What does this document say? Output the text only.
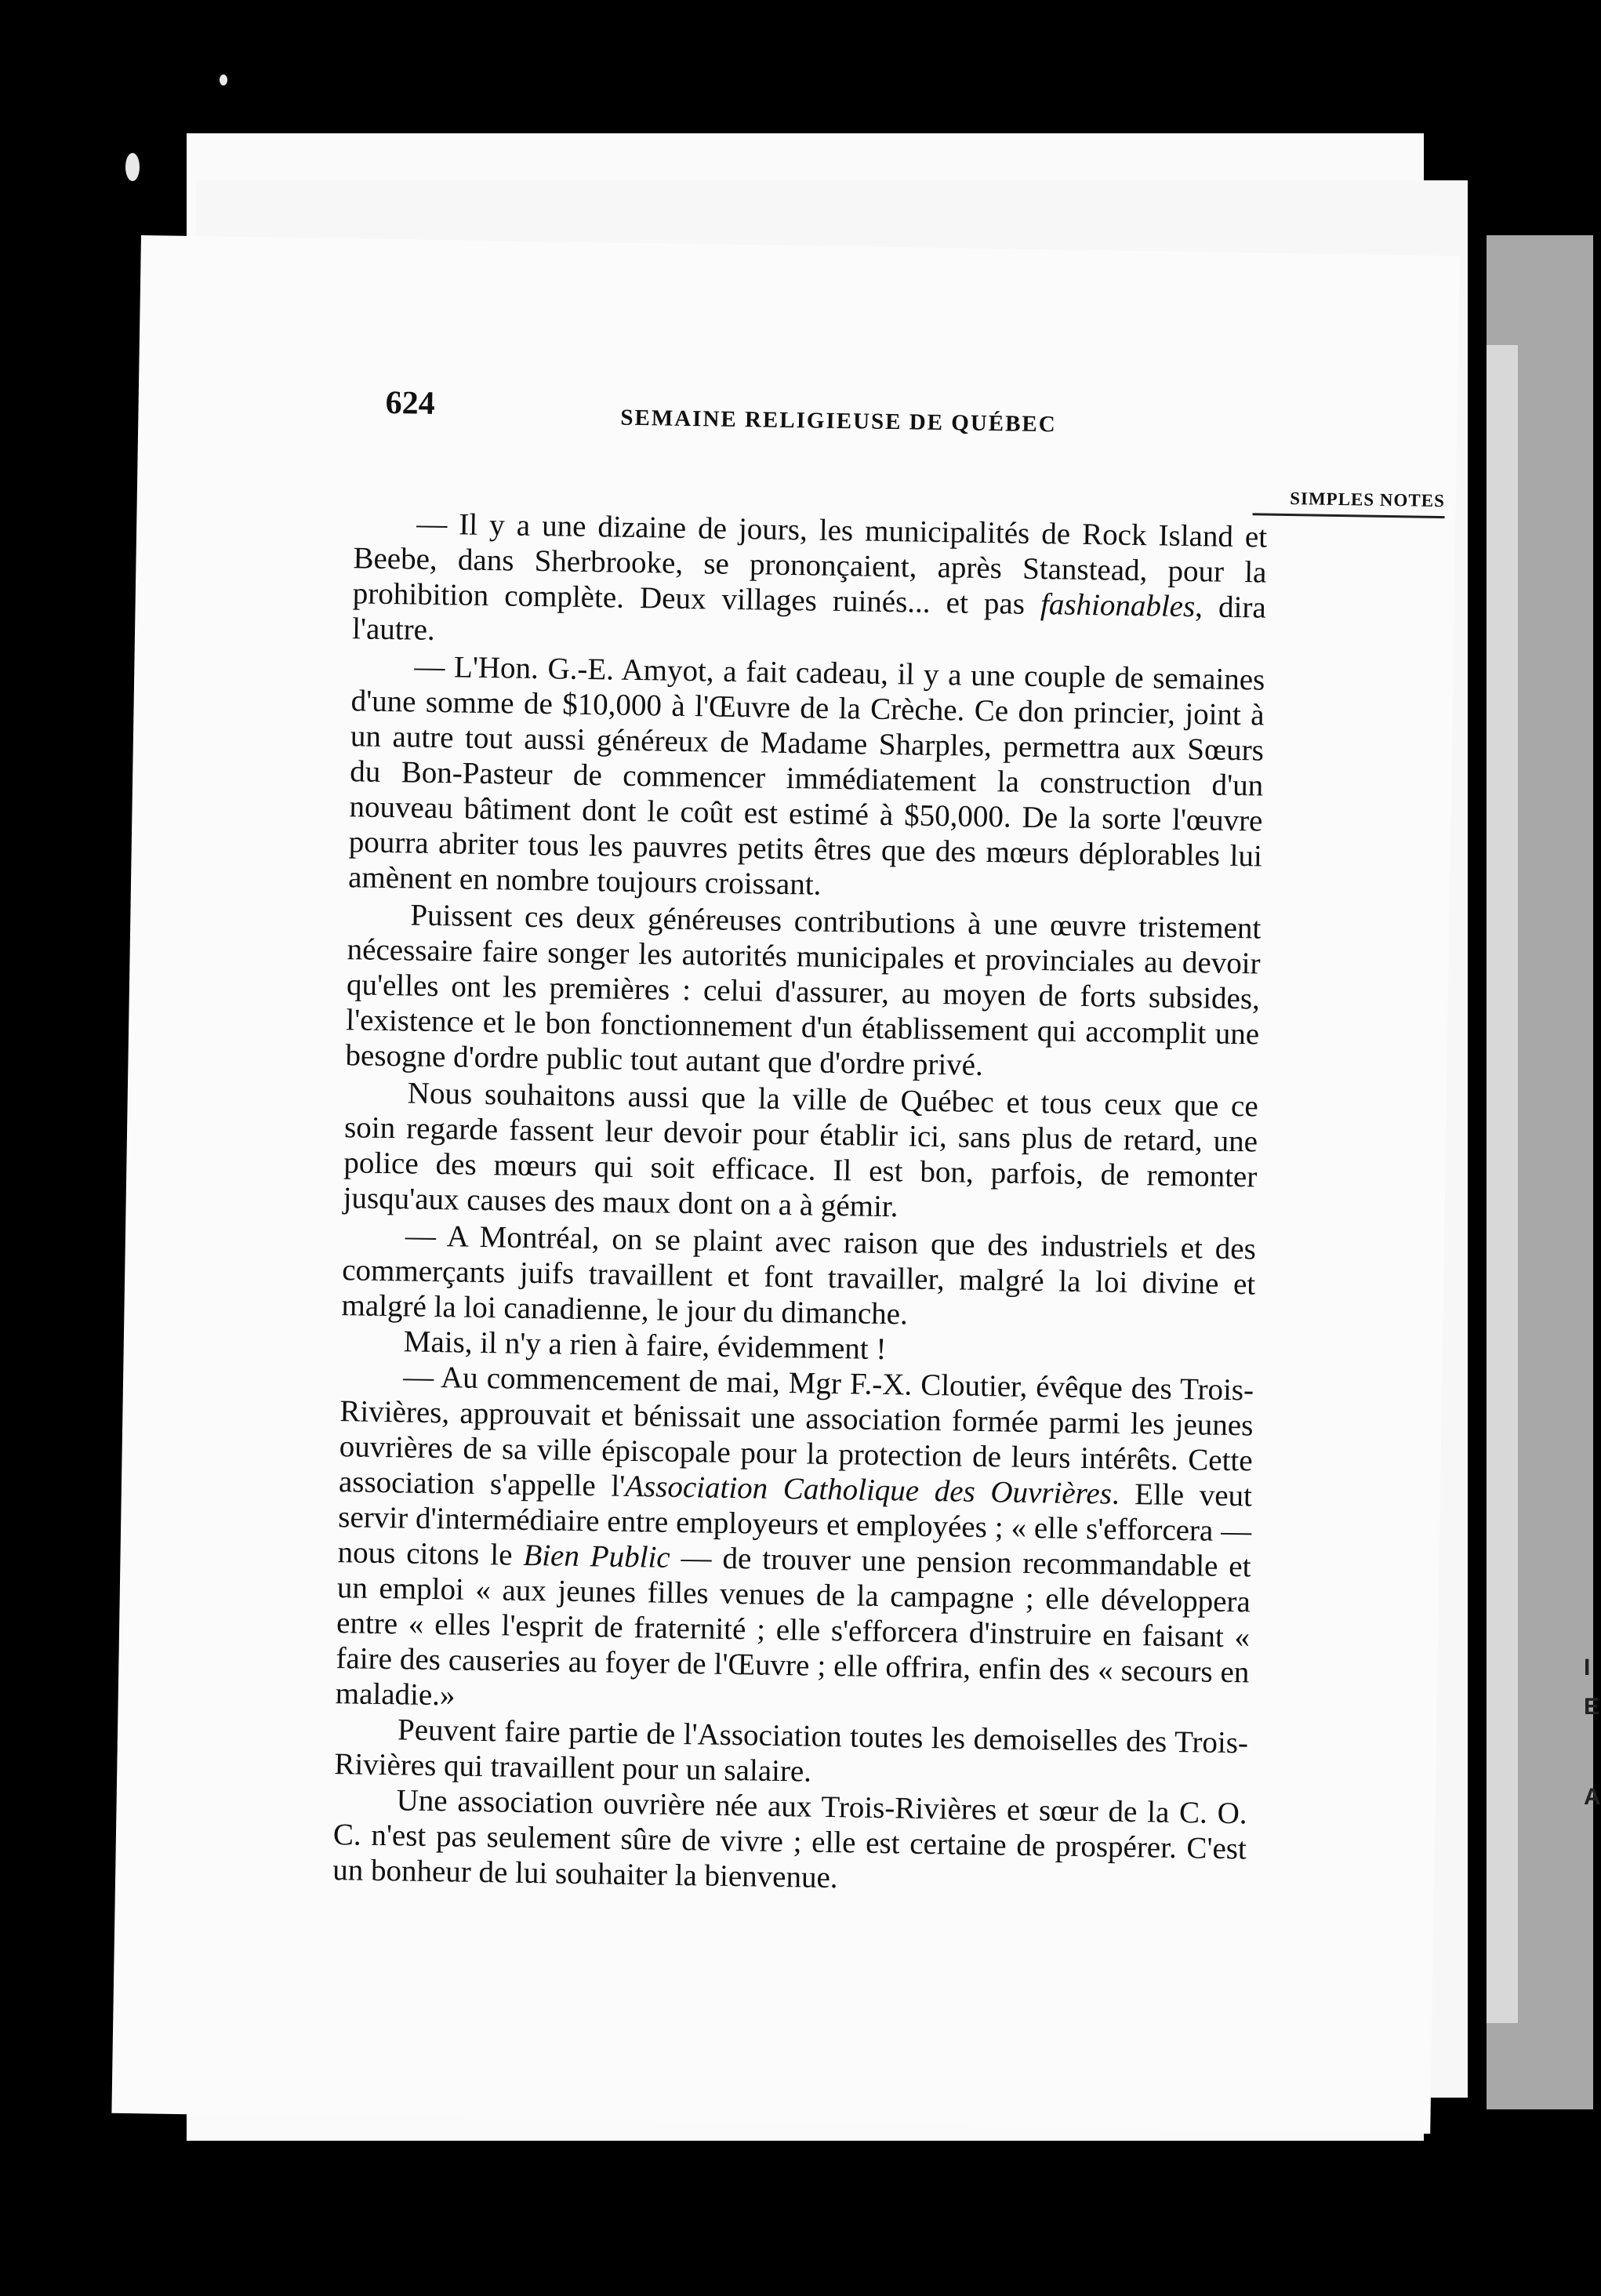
I
E
A
624	SEMAINE RELIGIEUSE DE QUÉBEC
SIMPLES NOTES

— Il y a une dizaine de jours, les municipalités de Rock Island et Beebe, dans Sherbrooke, se prononçaient, après Stanstead, pour la prohibition complète. Deux villages ruinés... et pas fashionables, dira l'autre.

— L'Hon. G.-E. Amyot, a fait cadeau, il y a une couple de semaines d'une somme de $10,000 à l'Œuvre de la Crèche. Ce don princier, joint à un autre tout aussi généreux de Madame Sharples, permettra aux Sœurs du Bon-Pasteur de commencer immédiatement la construction d'un nouveau bâtiment dont le coût est estimé à $50,000. De la sorte l'œuvre pourra abriter tous les pauvres petits êtres que des mœurs déplorables lui amènent en nombre toujours croissant.

Puissent ces deux généreuses contributions à une œuvre tristement nécessaire faire songer les autorités municipales et provinciales au devoir qu'elles ont les premières : celui d'assurer, au moyen de forts subsides, l'existence et le bon fonctionnement d'un établissement qui accomplit une besogne d'ordre public tout autant que d'ordre privé.

Nous souhaitons aussi que la ville de Québec et tous ceux que ce soin regarde fassent leur devoir pour établir ici, sans plus de retard, une police des mœurs qui soit efficace. Il est bon, parfois, de remonter jusqu'aux causes des maux dont on a à gémir.

— A Montréal, on se plaint avec raison que des industriels et des commerçants juifs travaillent et font travailler, malgré la loi divine et malgré la loi canadienne, le jour du dimanche.

Mais, il n'y a rien à faire, évidemment !

— Au commencement de mai, Mgr F.-X. Cloutier, évêque des Trois-Rivières, approuvait et bénissait une association formée parmi les jeunes ouvrières de sa ville épiscopale pour la protection de leurs intérêts. Cette association s'appelle l'Association Catholique des Ouvrières. Elle veut servir d'intermédiaire entre employeurs et employées ; « elle s'efforcera — nous citons le Bien Public — de trouver une pension recommandable et un emploi « aux jeunes filles venues de la campagne ; elle développera entre « elles l'esprit de fraternité ; elle s'efforcera d'instruire en faisant « faire des causeries au foyer de l'Œuvre ; elle offrira, enfin des « secours en maladie.»

Peuvent faire partie de l'Association toutes les demoiselles des Trois-Rivières qui travaillent pour un salaire.

Une association ouvrière née aux Trois-Rivières et sœur de la C. O. C. n'est pas seulement sûre de vivre ; elle est certaine de prospérer. C'est un bonheur de lui souhaiter la bienvenue.
